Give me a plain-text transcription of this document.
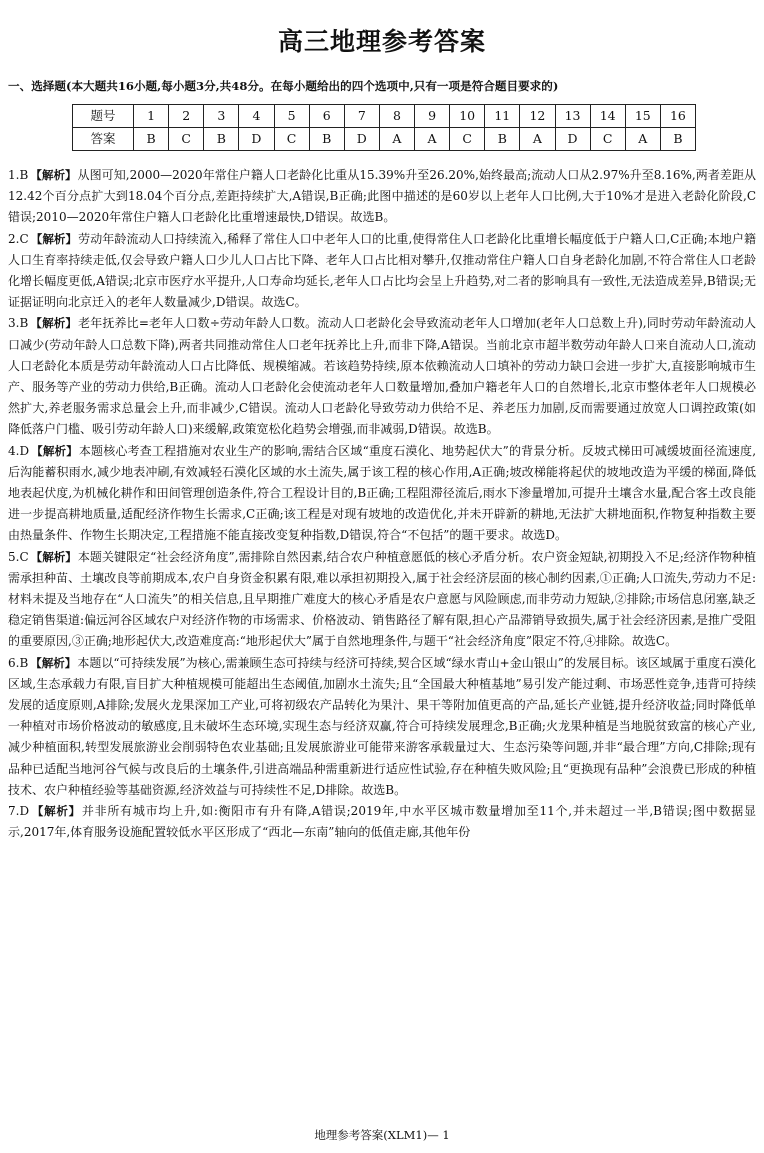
高三地理参考答案
一、选择题(本大题共16小题,每小题3分,共48分。在每小题给出的四个选项中,只有一项是符合题目要求的)
题号	1	2	3	4	5	6	7	8	9	10	11	12	13	14	15	16
答案	B	C	B	D	C	B	D	A	A	C	B	A	D	C	A	B

1.B 【解析】从图可知,2000—2020年常住户籍人口老龄化比重从15.39%升至26.20%,始终最高;流动人口从2.97%升至8.16%,两者差距从12.42个百分点扩大到18.04个百分点,差距持续扩大,A错误,B正确;此图中描述的是60岁以上老年人口比例,大于10%才是进入老龄化阶段,C错误;2010—2020年常住户籍人口老龄化比重增速最快,D错误。故选B。

2.C 【解析】劳动年龄流动人口持续流入,稀释了常住人口中老年人口的比重,使得常住人口老龄化比重增长幅度低于户籍人口,C正确;本地户籍人口生育率持续走低,仅会导致户籍人口少儿人口占比下降、老年人口占比相对攀升,仅推动常住户籍人口自身老龄化加剧,不符合常住人口老龄化增长幅度更低,A错误;北京市医疗水平提升,人口寿命均延长,老年人口占比均会呈上升趋势,对二者的影响具有一致性,无法造成差异,B错误;无证据证明向北京迁入的老年人数量减少,D错误。故选C。

3.B 【解析】老年抚养比=老年人口数÷劳动年龄人口数。流动人口老龄化会导致流动老年人口增加(老年人口总数上升),同时劳动年龄流动人口减少(劳动年龄人口总数下降),两者共同推动常住人口老年抚养比上升,而非下降,A错误。当前北京市超半数劳动年龄人口来自流动人口,流动人口老龄化本质是劳动年龄流动人口占比降低、规模缩减。若该趋势持续,原本依赖流动人口填补的劳动力缺口会进一步扩大,直接影响城市生产、服务等产业的劳动力供给,B正确。流动人口老龄化会使流动老年人口数量增加,叠加户籍老年人口的自然增长,北京市整体老年人口规模必然扩大,养老服务需求总量会上升,而非减少,C错误。流动人口老龄化导致劳动力供给不足、养老压力加剧,反而需要通过放宽人口调控政策(如降低落户门槛、吸引劳动年龄人口)来缓解,政策宽松化趋势会增强,而非减弱,D错误。故选B。

4.D 【解析】本题核心考查工程措施对农业生产的影响,需结合区域“重度石漠化、地势起伏大”的背景分析。反坡式梯田可减缓坡面径流速度,后沟能蓄积雨水,减少地表冲刷,有效减轻石漠化区域的水土流失,属于该工程的核心作用,A正确;坡改梯能将起伏的坡地改造为平缓的梯面,降低地表起伏度,为机械化耕作和田间管理创造条件,符合工程设计目的,B正确;工程阻滞径流后,雨水下渗量增加,可提升土壤含水量,配合客土改良能进一步提高耕地质量,适配经济作物生长需求,C正确;该工程是对现有坡地的改造优化,并未开辟新的耕地,无法扩大耕地面积,作物复种指数主要由热量条件、作物生长期决定,工程措施不能直接改变复种指数,D错误,符合“不包括”的题干要求。故选D。

5.C 【解析】本题关键限定“社会经济角度”,需排除自然因素,结合农户种植意愿低的核心矛盾分析。农户资金短缺,初期投入不足;经济作物种植需承担种苗、土壤改良等前期成本,农户自身资金积累有限,难以承担初期投入,属于社会经济层面的核心制约因素,①正确;人口流失,劳动力不足:材料未提及当地存在“人口流失”的相关信息,且早期推广难度大的核心矛盾是农户意愿与风险顾虑,而非劳动力短缺,②排除;市场信息闭塞,缺乏稳定销售渠道:偏远河谷区域农户对经济作物的市场需求、价格波动、销售路径了解有限,担心产品滞销导致损失,属于社会经济因素,是推广受阻的重要原因,③正确;地形起伏大,改造难度高:“地形起伏大”属于自然地理条件,与题干“社会经济角度”限定不符,④排除。故选C。

6.B 【解析】本题以“可持续发展”为核心,需兼顾生态可持续与经济可持续,契合区域“绿水青山+金山银山”的发展目标。该区域属于重度石漠化区域,生态承载力有限,盲目扩大种植规模可能超出生态阈值,加剧水土流失;且“全国最大种植基地”易引发产能过剩、市场恶性竞争,违背可持续发展的适度原则,A排除;发展火龙果深加工产业,可将初级农产品转化为果汁、果干等附加值更高的产品,延长产业链,提升经济收益;同时降低单一种植对市场价格波动的敏感度,且未破坏生态环境,实现生态与经济双赢,符合可持续发展理念,B正确;火龙果种植是当地脱贫致富的核心产业,减少种植面积,转型发展旅游业会削弱特色农业基础;且发展旅游业可能带来游客承载量过大、生态污染等问题,并非“最合理”方向,C排除;现有品种已适配当地河谷气候与改良后的土壤条件,引进高端品种需重新进行适应性试验,存在种植失败风险;且“更换现有品种”会浪费已形成的种植技术、农户种植经验等基础资源,经济效益与可持续性不足,D排除。故选B。

7.D 【解析】并非所有城市均上升,如:衡阳市有升有降,A错误;2019年,中水平区城市数量增加至11个,并未超过一半,B错误;图中数据显示,2017年,体育服务设施配置较低水平区形成了“西北—东南”轴向的低值走廊,其他年份

地理参考答案(XLM1)— 1
